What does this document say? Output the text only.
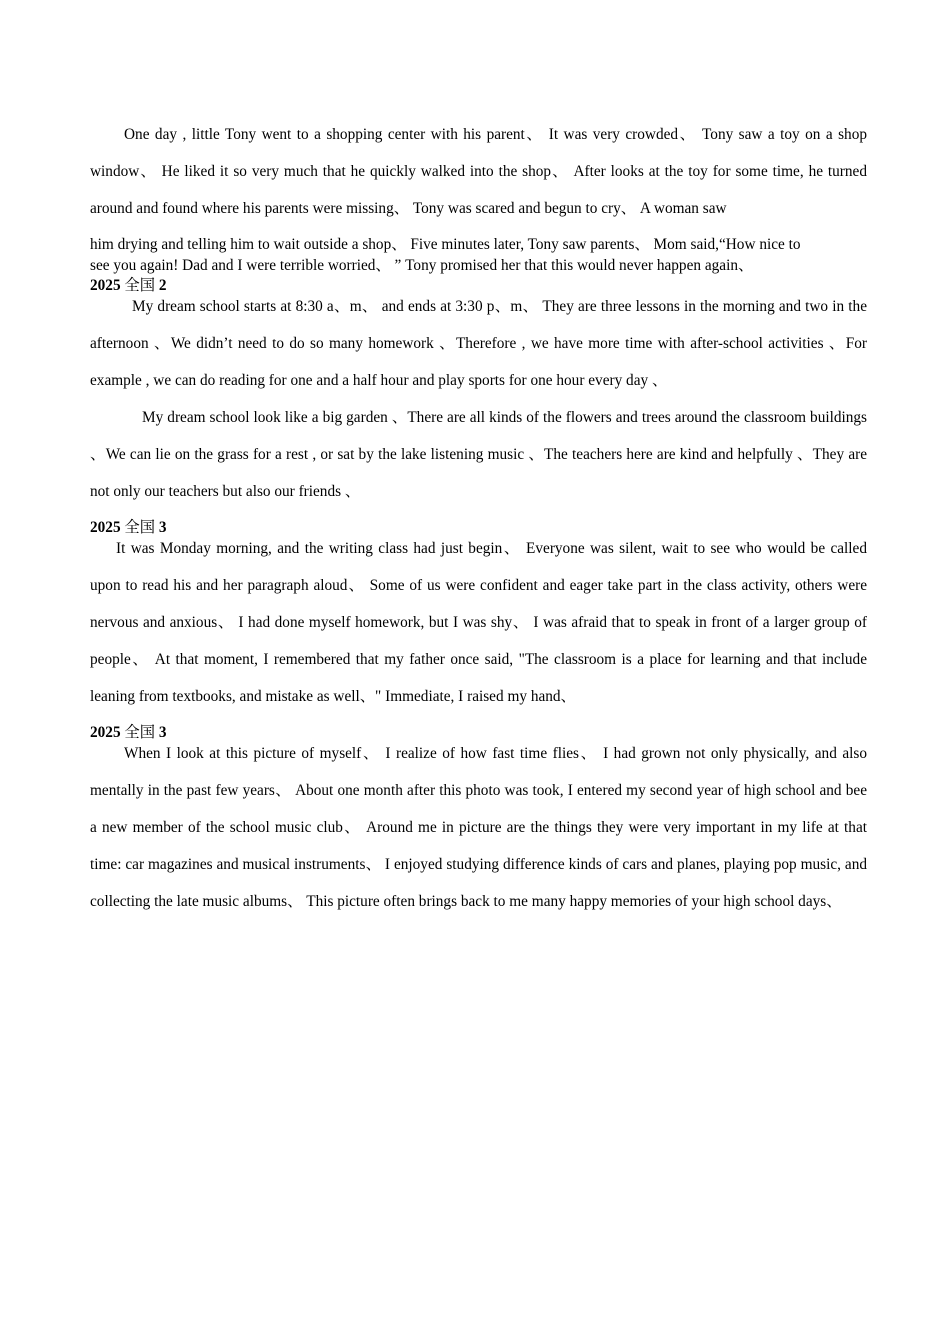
One day , little Tony went to a shopping center with his parent、 It was very crowded、 Tony saw a toy on a shop window、 He liked it so very much that he quickly walked into the shop、 After looks at the toy for some time, he turned around and found where his parents were missing、 Tony was scared and begun to cry、 A woman saw

him drying and telling him to wait outside a shop、 Five minutes later, Tony saw parents、 Mom said,“How nice to

see you again! Dad and I were terrible worried、 ” Tony promised her that this would never happen again、

2025 全国 2

My dream school starts at 8:30 a、m、 and ends at 3:30 p、m、 They are three lessons in the morning and two in the afternoon 、We didn’t need to do so many homework 、Therefore , we have more time with after-school activities 、For example , we can do reading for one and a half hour and play sports for one hour every day 、

My dream school look like a big garden 、There are all kinds of the flowers and trees around the classroom buildings 、We can lie on the grass for a rest , or sat by the lake listening music 、The teachers here are kind and helpfully 、They are not only our teachers but also our friends 、

2025 全国 3

It was Monday morning, and the writing class had just begin、 Everyone was silent, wait to see who would be called upon to read his and her paragraph aloud、 Some of us were confident and eager take part in the class activity, others were nervous and anxious、 I had done myself homework, but I was shy、 I was afraid that to speak in front of a larger group of people、 At that moment, I remembered that my father once said, "The classroom is a place for learning and that include leaning from textbooks, and mistake as well、" Immediate, I raised my hand、

2025 全国 3

When I look at this picture of myself、 I realize of how fast time flies、 I had grown not only physically, and also mentally in the past few years、 About one month after this photo was took, I entered my second year of high school and bee a new member of the school music club、 Around me in picture are the things they were very important in my life at that time: car magazines and musical instruments、 I enjoyed studying difference kinds of cars and planes, playing pop music, and collecting the late music albums、 This picture often brings back to me many happy memories of your high school days、
